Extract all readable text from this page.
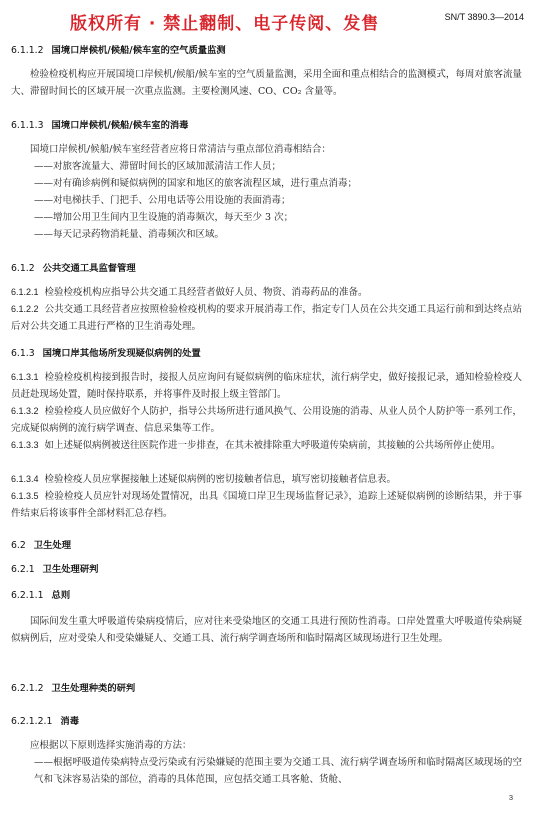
版权所有 · 禁止翻制、电子传阅、发售	SN/T 3890.3—2014
6.1.1.2 国境口岸候机/候船/候车室的空气质量监测
检验检疫机构应开展国境口岸候机/候船/候车室的空气质量监测，采用全面和重点相结合的监测模式，每周对旅客流量大、滞留时间长的区域开展一次重点监测。主要检测风速、CO、CO₂ 含量等。
6.1.1.3 国境口岸候机/候船/候车室的消毒
国境口岸候机/候船/候车室经营者应将日常清洁与重点部位消毒相结合：
——对旅客流量大、滞留时间长的区域加派清洁工作人员；
——对有确诊病例和疑似病例的国家和地区的旅客流程区域，进行重点消毒；
——对电梯扶手、门把手、公用电话等公用设施的表面消毒；
——增加公用卫生间内卫生设施的消毒频次，每天至少 3 次；
——每天记录药物消耗量、消毒频次和区域。
6.1.2 公共交通工具监督管理
6.1.2.1 检验检疫机构应指导公共交通工具经营者做好人员、物资、消毒药品的准备。
6.1.2.2 公共交通工具经营者应按照检验检疫机构的要求开展消毒工作，指定专门人员在公共交通工具运行前和到达终点站后对公共交通工具进行严格的卫生消毒处理。
6.1.3 国境口岸其他场所发现疑似病例的处置
6.1.3.1 检验检疫机构接到报告时，接报人员应询问有疑似病例的临床症状，流行病学史，做好接报记录，通知检验检疫人员赶赴现场处置，随时保持联系，并将事件及时报上级主管部门。
6.1.3.2 检验检疫人员应做好个人防护，指导公共场所进行通风换气、公用设施的消毒、从业人员个人防护等一系列工作，完成疑似病例的流行病学调查、信息采集等工作。
6.1.3.3 如上述疑似病例被送往医院作进一步排查，在其未被排除重大呼吸道传染病前，其接触的公共场所停止使用。
6.1.3.4 检验检疫人员应掌握接触上述疑似病例的密切接触者信息，填写密切接触者信息表。
6.1.3.5 检验检疫人员应针对现场处置情况，出具《国境口岸卫生现场监督记录》，追踪上述疑似病例的诊断结果，并于事件结束后将该事件全部材料汇总存档。
6.2 卫生处理
6.2.1 卫生处理研判
6.2.1.1 总则
国际间发生重大呼吸道传染病疫情后，应对往来受染地区的交通工具进行预防性消毒。口岸处置重大呼吸道传染病疑似病例后，应对受染人和受染嫌疑人、交通工具、流行病学调查场所和临时隔离区域现场进行卫生处理。
6.2.1.2 卫生处理种类的研判
6.2.1.2.1 消毒
应根据以下原则选择实施消毒的方法：
——根据呼吸道传染病特点受污染或有污染嫌疑的范围主要为交通工具、流行病学调查场所和临时隔离区域现场的空气和飞沫容易沾染的部位，消毒的具体范围，应包括交通工具客舱、货舱、
3
